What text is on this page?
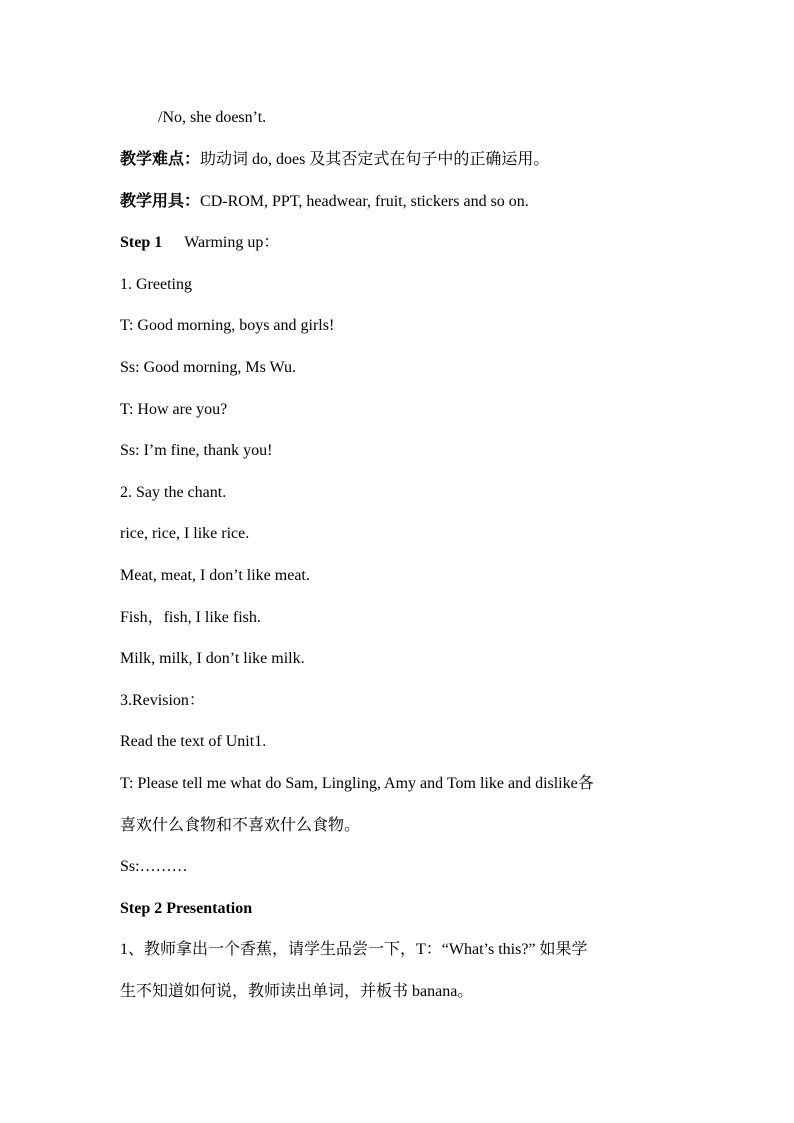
/No, she doesn’t.
教学难点：助动词 do, does 及其否定式在句子中的正确运用。
教学用具：CD-ROM, PPT, headwear, fruit, stickers and so on.
Step 1 Warming up：
1. Greeting
T: Good morning, boys and girls!
Ss: Good morning, Ms Wu.
T: How are you?
Ss: I’m fine, thank you!
2. Say the chant.
rice, rice, I like rice.
Meat, meat, I don’t like meat.
Fish，fish, I like fish.
Milk, milk, I don’t like milk.
3.Revision：
Read the text of Unit1.
T: Please tell me what do Sam, Lingling, Amy and Tom like and dislike各
喜欢什么食物和不喜欢什么食物。
Ss:………
Step 2 Presentation
1、教师拿出一个香蕉，请学生品尝一下，T：“What’s this?” 如果学
生不知道如何说，教师读出单词，并板书 banana。
